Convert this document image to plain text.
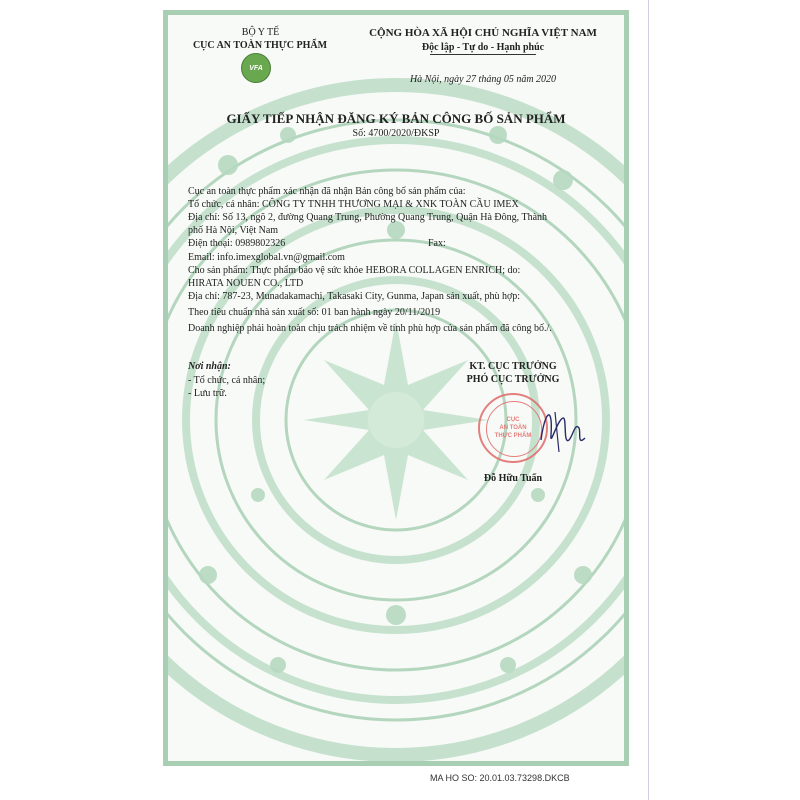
BỘ Y TẾ
CỤC AN TOÀN THỰC PHẨM
VFA
CỘNG HÒA XÃ HỘI CHỦ NGHĨA VIỆT NAM
Độc lập - Tự do - Hạnh phúc
Hà Nội, ngày 27 tháng 05 năm 2020
GIẤY TIẾP NHẬN ĐĂNG KÝ BẢN CÔNG BỐ SẢN PHẨM
Số: 4700/2020/ĐKSP
Cục an toàn thực phẩm xác nhận đã nhận Bản công bố sản phẩm của:
Tổ chức, cá nhân: CÔNG TY TNHH THƯƠNG MẠI & XNK TOÀN CẦU IMEX
Địa chỉ: Số 13, ngõ 2, đường Quang Trung, Phường Quang Trung, Quận Hà Đông, Thành
phố Hà Nội, Việt Nam
Điện thoại: 0989802326	Fax:
Email: info.imexglobal.vn@gmail.com
Cho sản phẩm: Thực phẩm bảo vệ sức khỏe HEBORA COLLAGEN ENRICH; do:
HIRATA NOUEN CO., LTD
Địa chỉ: 787-23, Munadakamachi, Takasaki City, Gunma, Japan sản xuất, phù hợp:
Theo tiêu chuẩn nhà sản xuất số: 01 ban hành ngày 20/11/2019
Doanh nghiệp phải hoàn toàn chịu trách nhiệm về tính phù hợp của sản phẩm đã công bố./.
Nơi nhận:
- Tổ chức, cá nhân;
- Lưu trữ.
KT. CỤC TRƯỞNG
PHÓ CỤC TRƯỞNG
CỤC
AN TOÀN
THỰC PHẨM
Đỗ Hữu Tuấn
MA HO SO: 20.01.03.73298.DKCB
